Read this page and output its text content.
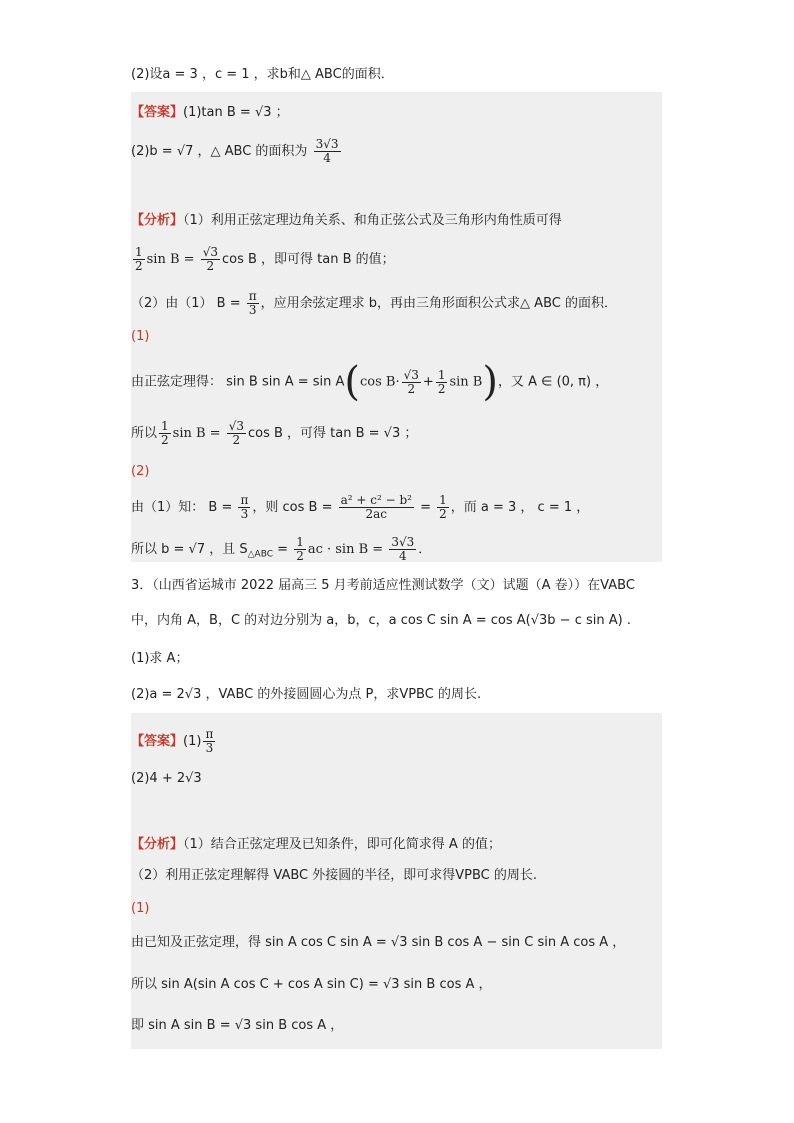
(2)设a = 3 ，c = 1 ，求b和△ ABC的面积．
【答案】(1)tan B = √3 ；
(2)b = √7 ，△ ABC 的面积为 $\frac{3√3}{4}$
【分析】（1）利用正弦定理边角关系、和角正弦公式及三角形内角性质可得
$\frac{1}{2}$ $\sin B = \frac{√3}{2}$ cos B ，即可得 tan B 的值；
（2）由（1） $B = \frac{\pi}{3}$ ，应用余弦定理求 b，再由三角形面积公式求△ ABC 的面积．
(1)
由正弦定理得： sin B sin A = sin A(cos $B\cdot \frac{√3}{2} + \frac{1}{2}$ sin B)，又 A ∈ (0, π) ，
所以 $\frac{1}{2}$ $\sin B = \frac{√3}{2}$ cos B ，可得 tan B = √3 ；
(2)
由（1）知： $B = \frac{\pi}{3}$ ，则 $\cos B = \frac{\text{a² + c² − b²}}{2ac} = \frac{1}{2}$ ，而 a = 3 ， c = 1 ，
所以 b = √7 ，且 $S_{\triangle ABC} = \frac{1}{2}$ ac · $\sin B = \frac{3√3}{4}$ ．
3．（山西省运城市 2022 届高三 5 月考前适应性测试数学（文）试题（A 卷））在VABC
中，内角 A，B，C 的对边分别为 a，b，c，a cos C sin A = cos A(√3b − c sin A) .
(1)求 A；
(2)a = 2√3 ，VABC 的外接圆圆心为点 P，求VPBC 的周长.
【答案】$(1) \frac{\pi}{3}$
(2)4 + 2√3
【分析】（1）结合正弦定理及已知条件，即可化简求得 A 的值；
（2）利用正弦定理解得 VABC 外接圆的半径，即可求得VPBC 的周长.
(1)
由已知及正弦定理，得 sin A cos C sin A = √3 sin B cos A − sin C sin A cos A ，
所以 sin A(sin A cos C + cos A sin C) = √3 sin B cos A ，
即 sin A sin B = √3 sin B cos A ，
